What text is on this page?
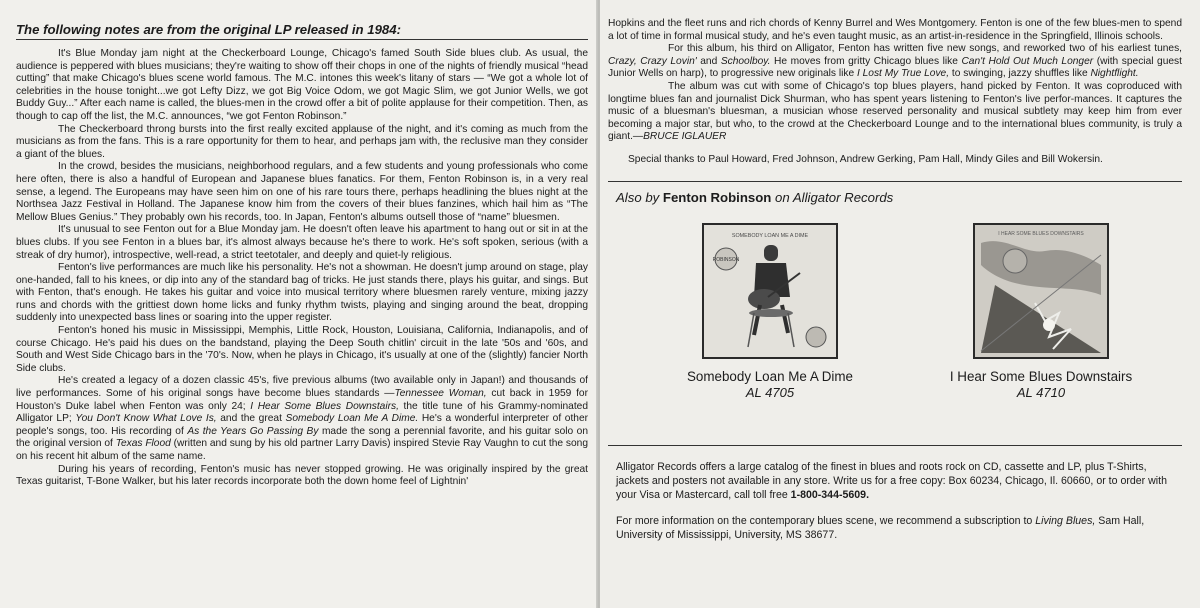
The following notes are from the original LP released in 1984:

It's Blue Monday jam night at the Checkerboard Lounge, Chicago's famed South Side blues club. As usual, the audience is peppered with blues musicians; they're waiting to show off their chops in one of the nights of friendly musical “head cutting” that make Chicago's blues scene world famous. The M.C. intones this week's litany of stars — “We got a whole lot of celebrities in the house tonight...we got Lefty Dizz, we got Big Voice Odom, we got Magic Slim, we got Junior Wells, we got Buddy Guy...” After each name is called, the blues-men in the crowd offer a bit of polite applause for their competition. Then, as though to cap off the list, the M.C. announces, “we got Fenton Robinson.”

The Checkerboard throng bursts into the first really excited applause of the night, and it's coming as much from the musicians as from the fans. This is a rare opportunity for them to hear, and perhaps jam with, the reclusive man they consider a giant of the blues.

In the crowd, besides the musicians, neighborhood regulars, and a few students and young professionals who come here often, there is also a handful of European and Japanese blues fanatics. For them, Fenton Robinson is, in a very real sense, a legend. The Europeans may have seen him on one of his rare tours there, perhaps headlining the blues night at the Northsea Jazz Festival in Holland. The Japanese know him from the covers of their blues fanzines, which hail him as “The Mellow Blues Genius.” They probably own his records, too. In Japan, Fenton's albums outsell those of “name” bluesmen.

It's unusual to see Fenton out for a Blue Monday jam. He doesn't often leave his apartment to hang out or sit in at the blues clubs. If you see Fenton in a blues bar, it's almost always because he's there to work. He's soft spoken, serious (with a streak of dry humor), introspective, well-read, a strict teetotaler, and deeply and quiet-ly religious.

Fenton's live performances are much like his personality. He's not a showman. He doesn't jump around on stage, play one-handed, fall to his knees, or dip into any of the standard bag of tricks. He just stands there, plays his guitar, and sings. But with Fenton, that's enough. He takes his guitar and voice into musical territory where bluesmen rarely venture, mixing jazzy runs and chords with the grittiest down home licks and funky rhythm twists, playing and singing around the beat, dropping suddenly into unexpected bass lines or soaring into the upper register.

Fenton's honed his music in Mississippi, Memphis, Little Rock, Houston, Louisiana, California, Indianapolis, and of course Chicago. He's paid his dues on the bandstand, playing the Deep South chitlin' circuit in the late '50s and '60s, and South and West Side Chicago bars in the '70's. Now, when he plays in Chicago, it's usually at one of the (slightly) fancier North Side clubs.

He's created a legacy of a dozen classic 45's, five previous albums (two available only in Japan!) and thousands of live performances. Some of his original songs have become blues standards —Tennessee Woman, cut back in 1959 for Houston's Duke label when Fenton was only 24; I Hear Some Blues Downstairs, the title tune of his Grammy-nominated Alligator LP; You Don't Know What Love Is, and the great Somebody Loan Me A Dime. He's a wonderful interpreter of other people's songs, too. His recording of As the Years Go Passing By made the song a perennial favorite, and his guitar solo on the original version of Texas Flood (written and sung by his old partner Larry Davis) inspired Stevie Ray Vaughn to cut the song on his recent hit album of the same name.

During his years of recording, Fenton's music has never stopped growing. He was originally inspired by the great Texas guitarist, T-Bone Walker, but his later records incorporate both the down home feel of Lightnin'

Hopkins and the fleet runs and rich chords of Kenny Burrel and Wes Montgomery. Fenton is one of the few blues-men to spend a lot of time in formal musical study, and he's even taught music, as an artist-in-residence in the Springfield, Illinois schools.

For this album, his third on Alligator, Fenton has written five new songs, and reworked two of his earliest tunes, Crazy, Crazy Lovin' and Schoolboy. He moves from gritty Chicago blues like Can't Hold Out Much Longer (with special guest Junior Wells on harp), to progressive new originals like I Lost My True Love, to swinging, jazzy shuffles like Nightflight.

The album was cut with some of Chicago's top blues players, hand picked by Fenton. It was coproduced with longtime blues fan and journalist Dick Shurman, who has spent years listening to Fenton's live perfor-mances. It captures the music of a bluesman's bluesman, a musician whose reserved personality and musical subtlety may keep him from ever becoming a major star, but who, to the crowd at the Checkerboard Lounge and to the international blues community, is truly a giant.—BRUCE IGLAUER

Special thanks to Paul Howard, Fred Johnson, Andrew Gerking, Pam Hall, Mindy Giles and Bill Wokersin.
Also by Fenton Robinson on Alligator Records
SOMEBODY LOAN ME A DIME
ROBINSON
Somebody Loan Me A Dime
AL 4705
I HEAR SOME BLUES DOWNSTAIRS
I Hear Some Blues Downstairs
AL 4710
Alligator Records offers a large catalog of the finest in blues and roots rock on CD, cassette and LP, plus T-Shirts, jackets and posters not available in any store. Write us for a free copy: Box 60234, Chicago, Il. 60660, or to order with your Visa or Mastercard, call toll free 1-800-344-5609.
For more information on the contemporary blues scene, we recommend a subscription to Living Blues, Sam Hall, University of Mississippi, University, MS 38677.
